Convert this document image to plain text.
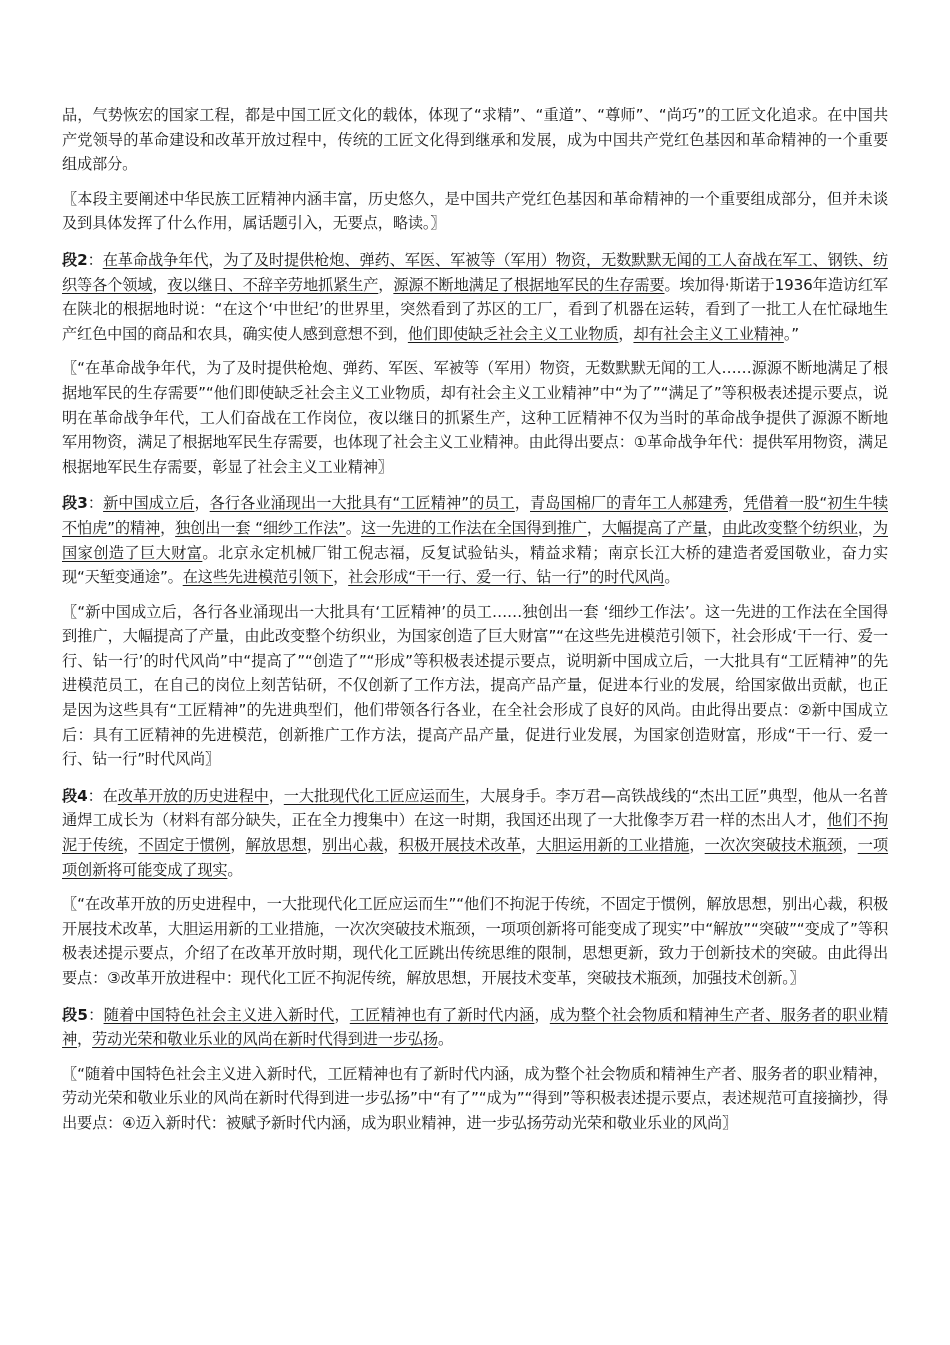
品，气势恢宏的国家工程，都是中国工匠文化的载体，体现了“求精”、“重道”、“尊师”、“尚巧”的工匠文化追求。在中国共产党领导的革命建设和改革开放过程中，传统的工匠文化得到继承和发展，成为中国共产党红色基因和革命精神的一个重要组成部分。

〖本段主要阐述中华民族工匠精神内涵丰富，历史悠久，是中国共产党红色基因和革命精神的一个重要组成部分，但并未谈及到具体发挥了什么作用，属话题引入，无要点，略读。〗

段2：在革命战争年代，为了及时提供枪炮、弹药、军医、军被等（军用）物资，无数默默无闻的工人奋战在军工、钢铁、纺织等各个领域，夜以继日、不辞辛劳地抓紧生产，源源不断地满足了根据地军民的生存需要。埃加得·斯诺于1936年造访红军在陕北的根据地时说：“在这个‘中世纪’的世界里，突然看到了苏区的工厂，看到了机器在运转，看到了一批工人在忙碌地生产红色中国的商品和农具，确实使人感到意想不到，他们即使缺乏社会主义工业物质，却有社会主义工业精神。”

〖“在革命战争年代，为了及时提供枪炮、弹药、军医、军被等（军用）物资，无数默默无闻的工人……源源不断地满足了根据地军民的生存需要”“他们即使缺乏社会主义工业物质，却有社会主义工业精神”中“为了”“满足了”等积极表述提示要点，说明在革命战争年代，工人们奋战在工作岗位，夜以继日的抓紧生产，这种工匠精神不仅为当时的革命战争提供了源源不断地军用物资，满足了根据地军民生存需要，也体现了社会主义工业精神。由此得出要点：①革命战争年代：提供军用物资，满足根据地军民生存需要，彰显了社会主义工业精神〗

段3：新中国成立后，各行各业涌现出一大批具有“工匠精神”的员工，青岛国棉厂的青年工人郝建秀，凭借着一股“初生牛犊不怕虎”的精神，独创出一套 “细纱工作法”。这一先进的工作法在全国得到推广，大幅提高了产量，由此改变整个纺织业，为国家创造了巨大财富。北京永定机械厂钳工倪志福，反复试验钻头，精益求精；南京长江大桥的建造者爱国敬业，奋力实现“天堑变通途”。在这些先进模范引领下，社会形成“干一行、爱一行、钻一行”的时代风尚。

〖“新中国成立后，各行各业涌现出一大批具有‘工匠精神’的员工……独创出一套 ‘细纱工作法’。这一先进的工作法在全国得到推广，大幅提高了产量，由此改变整个纺织业，为国家创造了巨大财富”“在这些先进模范引领下，社会形成‘干一行、爱一行、钻一行’的时代风尚”中“提高了”“创造了”“形成”等积极表述提示要点，说明新中国成立后，一大批具有“工匠精神”的先进模范员工，在自己的岗位上刻苦钻研，不仅创新了工作方法，提高产品产量，促进本行业的发展，给国家做出贡献，也正是因为这些具有“工匠精神”的先进典型们，他们带领各行各业，在全社会形成了良好的风尚。由此得出要点：②新中国成立后：具有工匠精神的先进模范，创新推广工作方法，提高产品产量，促进行业发展，为国家创造财富，形成“干一行、爱一行、钻一行”时代风尚〗

段4：在改革开放的历史进程中，一大批现代化工匠应运而生，大展身手。李万君—高铁战线的“杰出工匠”典型，他从一名普通焊工成长为（材料有部分缺失，正在全力搜集中）在这一时期，我国还出现了一大批像李万君一样的杰出人才，他们不拘泥于传统，不固定于惯例，解放思想，别出心裁，积极开展技术改革，大胆运用新的工业措施，一次次突破技术瓶颈，一项项创新将可能变成了现实。

〖“在改革开放的历史进程中，一大批现代化工匠应运而生”“他们不拘泥于传统，不固定于惯例，解放思想，别出心裁，积极开展技术改革，大胆运用新的工业措施，一次次突破技术瓶颈，一项项创新将可能变成了现实”中“解放”“突破”“变成了”等积极表述提示要点，介绍了在改革开放时期，现代化工匠跳出传统思维的限制，思想更新，致力于创新技术的突破。由此得出要点：③改革开放进程中：现代化工匠不拘泥传统，解放思想，开展技术变革，突破技术瓶颈，加强技术创新。〗

段5：随着中国特色社会主义进入新时代，工匠精神也有了新时代内涵，成为整个社会物质和精神生产者、服务者的职业精神，劳动光荣和敬业乐业的风尚在新时代得到进一步弘扬。

〖“随着中国特色社会主义进入新时代，工匠精神也有了新时代内涵，成为整个社会物质和精神生产者、服务者的职业精神，劳动光荣和敬业乐业的风尚在新时代得到进一步弘扬”中“有了”“成为”“得到”等积极表述提示要点，表述规范可直接摘抄，得出要点：④迈入新时代：被赋予新时代内涵，成为职业精神，进一步弘扬劳动光荣和敬业乐业的风尚〗
